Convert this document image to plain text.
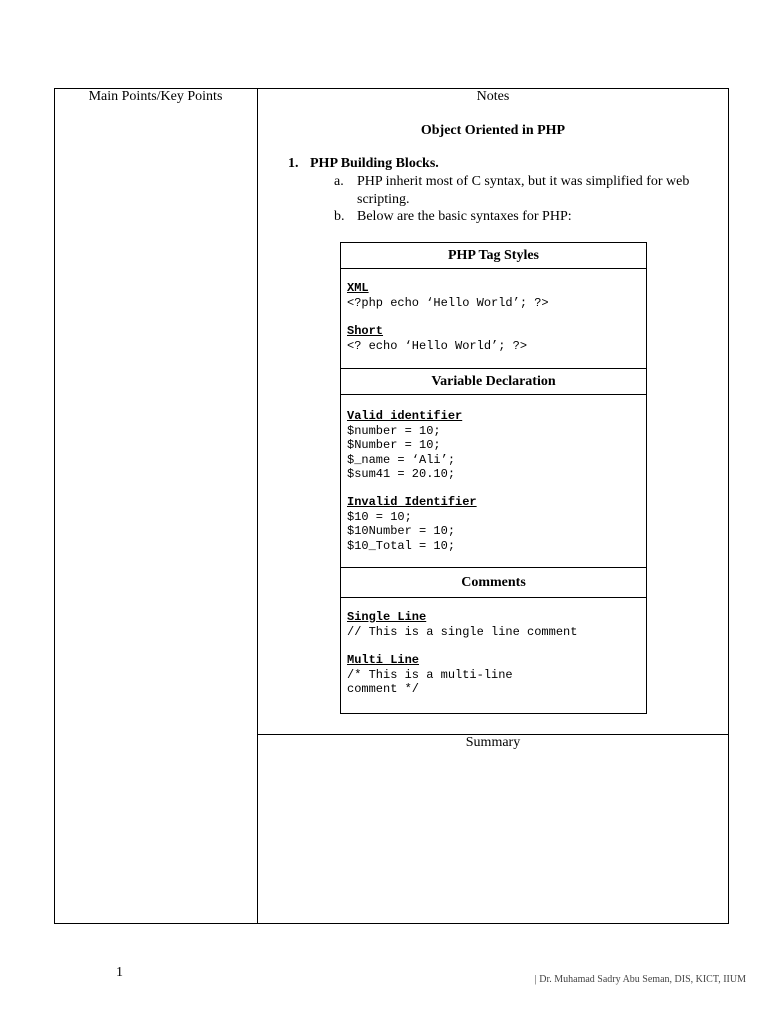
Main Points/Key Points	Notes
Summary
Object Oriented in PHP
1. PHP Building Blocks.
a. PHP inherit most of C syntax, but it was simplified for web scripting.
b. Below are the basic syntaxes for PHP:
PHP Tag Styles
XML
<?php echo ‘Hello World’; ?>
Short
<? echo ‘Hello World’; ?>
Variable Declaration
Valid identifier
$number = 10;
$Number = 10;
$_name = ‘Ali’;
$sum41 = 20.10;
Invalid Identifier
$10 = 10;
$10Number = 10;
$10_Total = 10;
Comments
Single Line
// This is a single line comment
Multi Line
/* This is a multi-line
comment */
1	| Dr. Muhamad Sadry Abu Seman, DIS, KICT, IIUM
